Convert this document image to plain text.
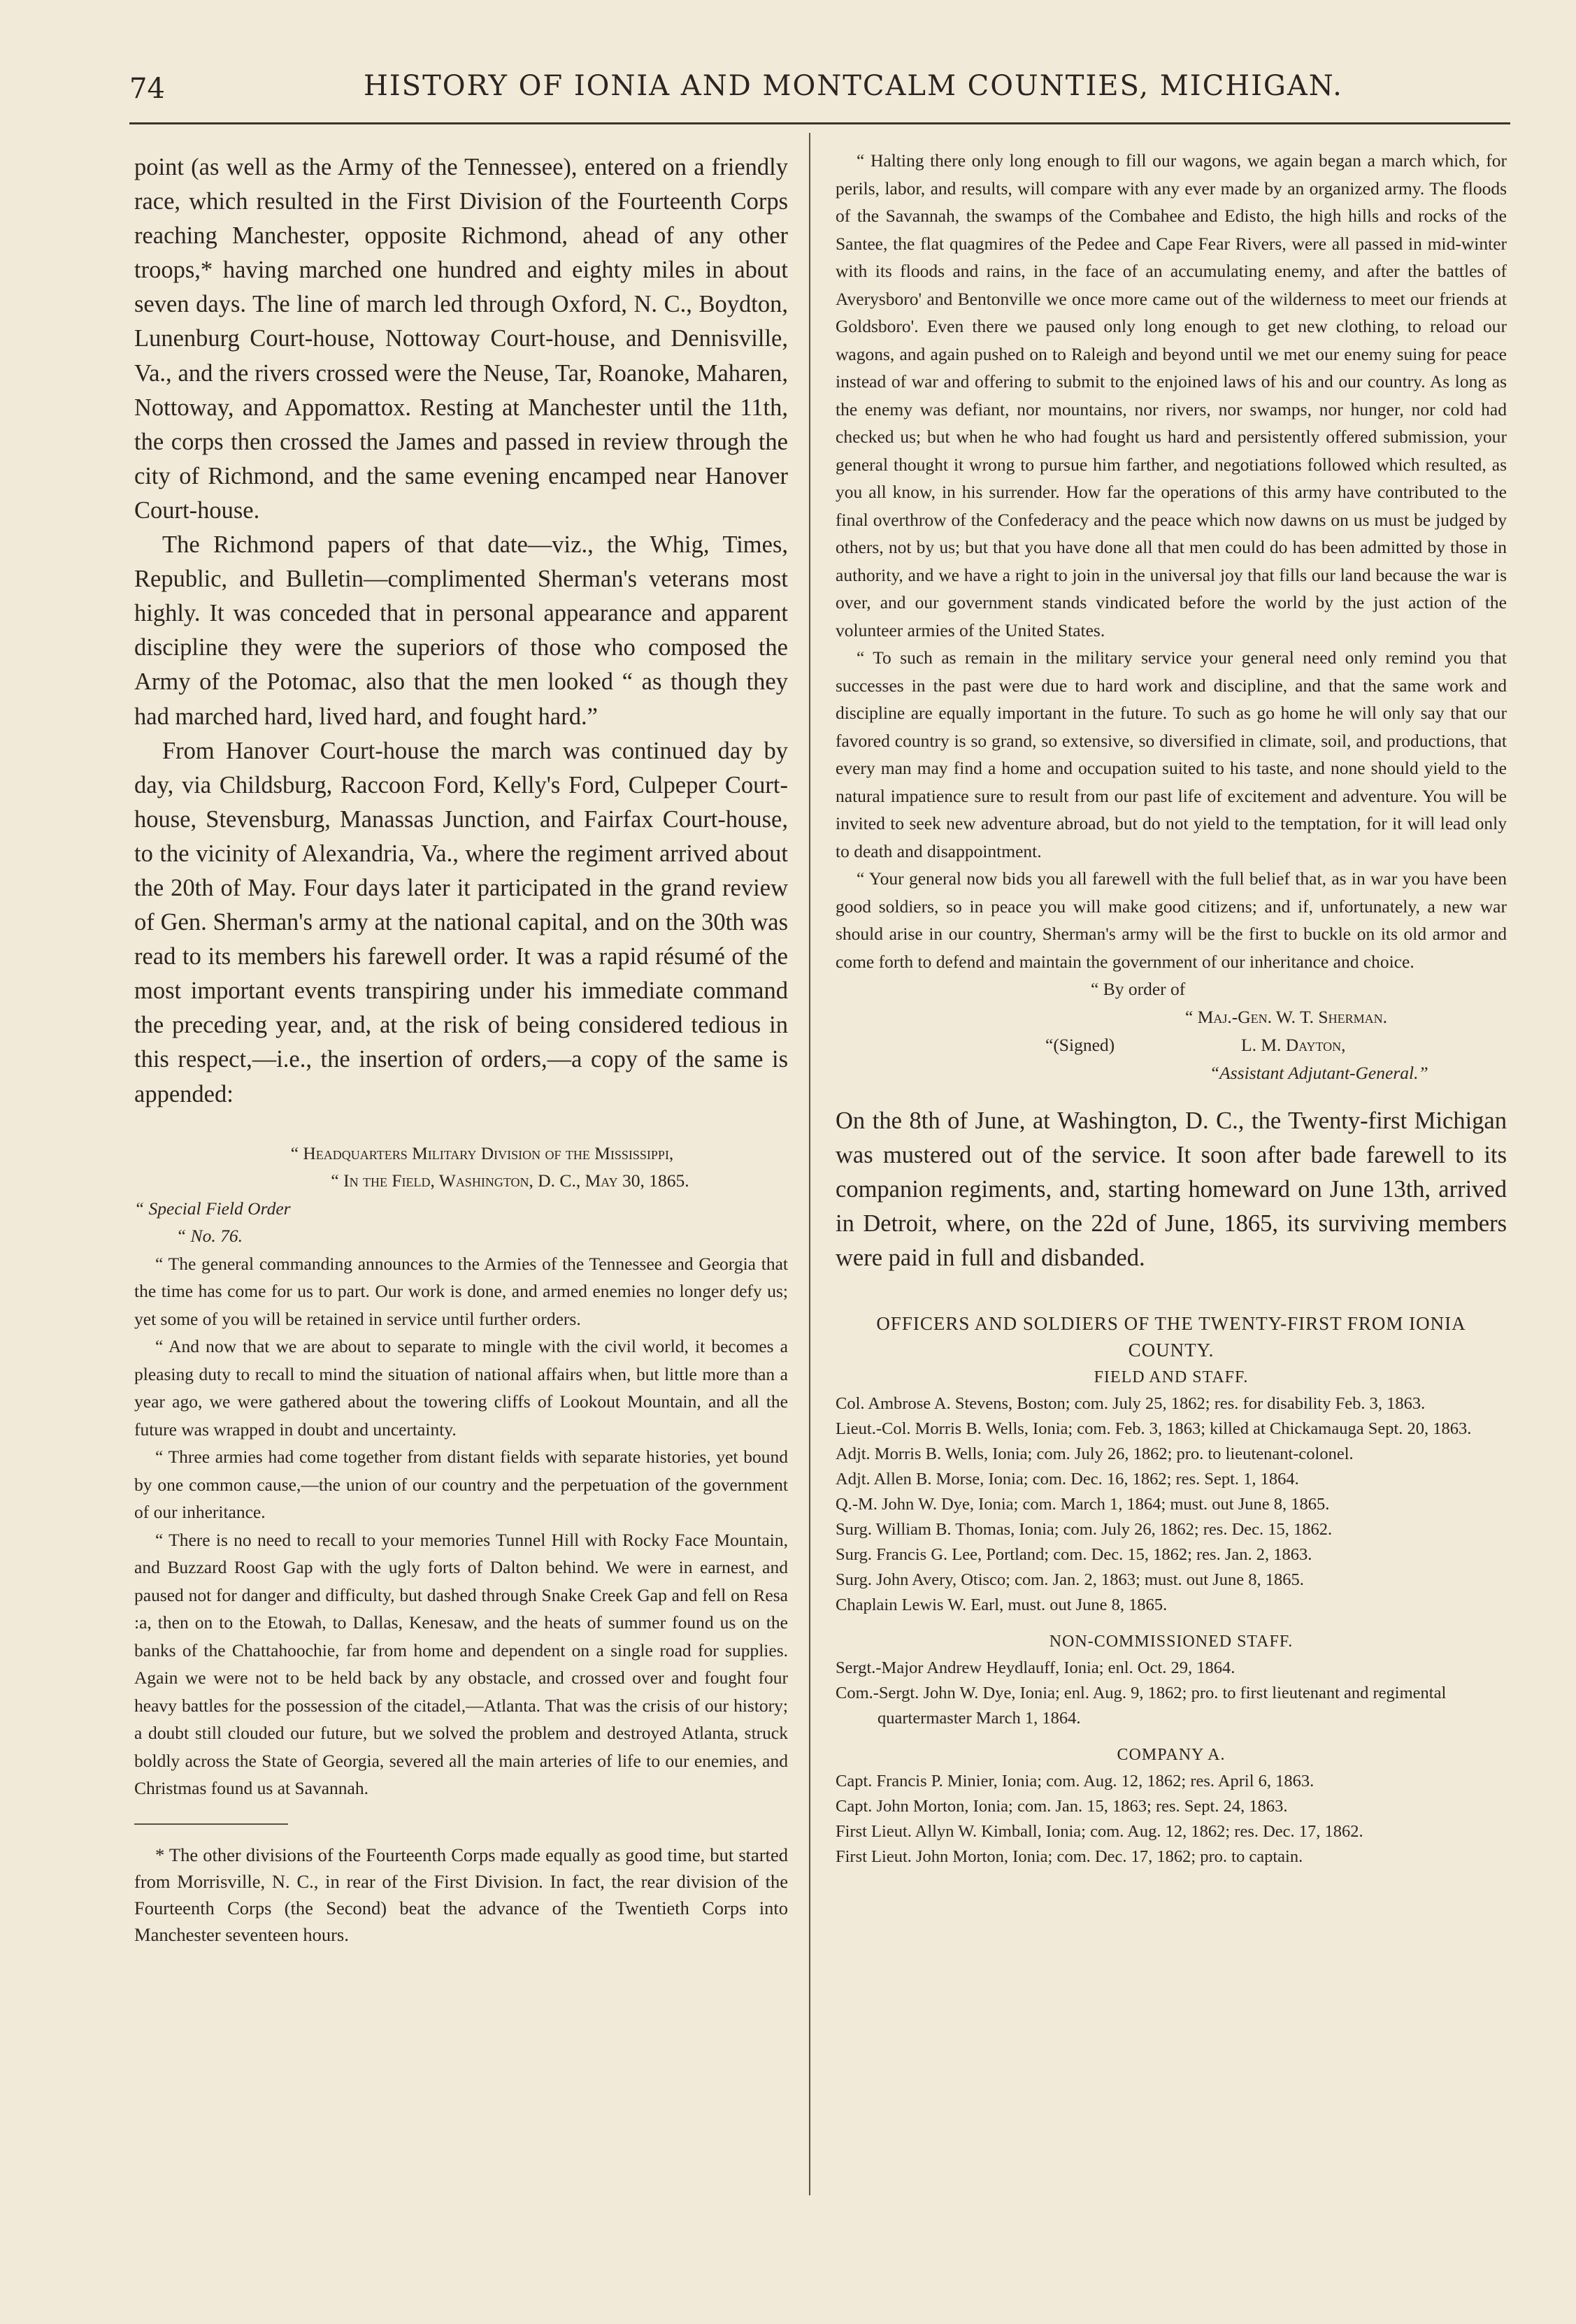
74	HISTORY OF IONIA AND MONTCALM COUNTIES, MICHIGAN.

point (as well as the Army of the Tennessee), entered on a friendly race, which resulted in the First Division of the Fourteenth Corps reaching Manchester, opposite Richmond, ahead of any other troops,* having marched one hundred and eighty miles in about seven days. The line of march led through Oxford, N. C., Boydton, Lunenburg Court-house, Nottoway Court-house, and Dennisville, Va., and the rivers crossed were the Neuse, Tar, Roanoke, Maharen, Nottoway, and Appomattox. Resting at Manchester until the 11th, the corps then crossed the James and passed in review through the city of Richmond, and the same evening encamped near Hanover Court-house.

The Richmond papers of that date—viz., the Whig, Times, Republic, and Bulletin—complimented Sherman's veterans most highly. It was conceded that in personal appearance and apparent discipline they were the superiors of those who composed the Army of the Potomac, also that the men looked “ as though they had marched hard, lived hard, and fought hard.”

From Hanover Court-house the march was continued day by day, via Childsburg, Raccoon Ford, Kelly's Ford, Culpeper Court-house, Stevensburg, Manassas Junction, and Fairfax Court-house, to the vicinity of Alexandria, Va., where the regiment arrived about the 20th of May. Four days later it participated in the grand review of Gen. Sherman's army at the national capital, and on the 30th was read to its members his farewell order. It was a rapid résumé of the most important events transpiring under his immediate command the preceding year, and, at the risk of being considered tedious in this respect,—i.e., the insertion of orders,—a copy of the same is appended:

“ Headquarters Military Division of the Mississippi,
“ In the Field, Washington, D. C., May 30, 1865.
“ Special Field Order
“ No. 76.

“ The general commanding announces to the Armies of the Tennessee and Georgia that the time has come for us to part. Our work is done, and armed enemies no longer defy us; yet some of you will be retained in service until further orders.

“ And now that we are about to separate to mingle with the civil world, it becomes a pleasing duty to recall to mind the situation of national affairs when, but little more than a year ago, we were gathered about the towering cliffs of Lookout Mountain, and all the future was wrapped in doubt and uncertainty.

“ Three armies had come together from distant fields with separate histories, yet bound by one common cause,—the union of our country and the perpetuation of the government of our inheritance.

“ There is no need to recall to your memories Tunnel Hill with Rocky Face Mountain, and Buzzard Roost Gap with the ugly forts of Dalton behind. We were in earnest, and paused not for danger and difficulty, but dashed through Snake Creek Gap and fell on Resa :a, then on to the Etowah, to Dallas, Kenesaw, and the heats of summer found us on the banks of the Chattahoochie, far from home and dependent on a single road for supplies. Again we were not to be held back by any obstacle, and crossed over and fought four heavy battles for the possession of the citadel,—Atlanta. That was the crisis of our history; a doubt still clouded our future, but we solved the problem and destroyed Atlanta, struck boldly across the State of Georgia, severed all the main arteries of life to our enemies, and Christmas found us at Savannah.

* The other divisions of the Fourteenth Corps made equally as good time, but started from Morrisville, N. C., in rear of the First Division. In fact, the rear division of the Fourteenth Corps (the Second) beat the advance of the Twentieth Corps into Manchester seventeen hours.

“ Halting there only long enough to fill our wagons, we again began a march which, for perils, labor, and results, will compare with any ever made by an organized army. The floods of the Savannah, the swamps of the Combahee and Edisto, the high hills and rocks of the Santee, the flat quagmires of the Pedee and Cape Fear Rivers, were all passed in mid-winter with its floods and rains, in the face of an accumulating enemy, and after the battles of Averysboro' and Bentonville we once more came out of the wilderness to meet our friends at Goldsboro'. Even there we paused only long enough to get new clothing, to reload our wagons, and again pushed on to Raleigh and beyond until we met our enemy suing for peace instead of war and offering to submit to the enjoined laws of his and our country. As long as the enemy was defiant, nor mountains, nor rivers, nor swamps, nor hunger, nor cold had checked us; but when he who had fought us hard and persistently offered submission, your general thought it wrong to pursue him farther, and negotiations followed which resulted, as you all know, in his surrender. How far the operations of this army have contributed to the final overthrow of the Confederacy and the peace which now dawns on us must be judged by others, not by us; but that you have done all that men could do has been admitted by those in authority, and we have a right to join in the universal joy that fills our land because the war is over, and our government stands vindicated before the world by the just action of the volunteer armies of the United States.

“ To such as remain in the military service your general need only remind you that successes in the past were due to hard work and discipline, and that the same work and discipline are equally important in the future. To such as go home he will only say that our favored country is so grand, so extensive, so diversified in climate, soil, and productions, that every man may find a home and occupation suited to his taste, and none should yield to the natural impatience sure to result from our past life of excitement and adventure. You will be invited to seek new adventure abroad, but do not yield to the temptation, for it will lead only to death and disappointment.

“ Your general now bids you all farewell with the full belief that, as in war you have been good soldiers, so in peace you will make good citizens; and if, unfortunately, a new war should arise in our country, Sherman's army will be the first to buckle on its old armor and come forth to defend and maintain the government of our inheritance and choice.

“ By order of
“ Maj.-Gen. W. T. Sherman.
“(Signed)	L. M. Dayton,
“Assistant Adjutant-General.”

On the 8th of June, at Washington, D. C., the Twenty-first Michigan was mustered out of the service. It soon after bade farewell to its companion regiments, and, starting homeward on June 13th, arrived in Detroit, where, on the 22d of June, 1865, its surviving members were paid in full and disbanded.

OFFICERS AND SOLDIERS OF THE TWENTY-FIRST FROM IONIA COUNTY.
FIELD AND STAFF.

Col. Ambrose A. Stevens, Boston; com. July 25, 1862; res. for disability Feb. 3, 1863.

Lieut.-Col. Morris B. Wells, Ionia; com. Feb. 3, 1863; killed at Chickamauga Sept. 20, 1863.

Adjt. Morris B. Wells, Ionia; com. July 26, 1862; pro. to lieutenant-colonel.

Adjt. Allen B. Morse, Ionia; com. Dec. 16, 1862; res. Sept. 1, 1864.

Q.-M. John W. Dye, Ionia; com. March 1, 1864; must. out June 8, 1865.

Surg. William B. Thomas, Ionia; com. July 26, 1862; res. Dec. 15, 1862.

Surg. Francis G. Lee, Portland; com. Dec. 15, 1862; res. Jan. 2, 1863.

Surg. John Avery, Otisco; com. Jan. 2, 1863; must. out June 8, 1865.

Chaplain Lewis W. Earl, must. out June 8, 1865.

NON-COMMISSIONED STAFF.

Sergt.-Major Andrew Heydlauff, Ionia; enl. Oct. 29, 1864.

Com.-Sergt. John W. Dye, Ionia; enl. Aug. 9, 1862; pro. to first lieutenant and regimental quartermaster March 1, 1864.

COMPANY A.

Capt. Francis P. Minier, Ionia; com. Aug. 12, 1862; res. April 6, 1863.

Capt. John Morton, Ionia; com. Jan. 15, 1863; res. Sept. 24, 1863.

First Lieut. Allyn W. Kimball, Ionia; com. Aug. 12, 1862; res. Dec. 17, 1862.

First Lieut. John Morton, Ionia; com. Dec. 17, 1862; pro. to captain.
